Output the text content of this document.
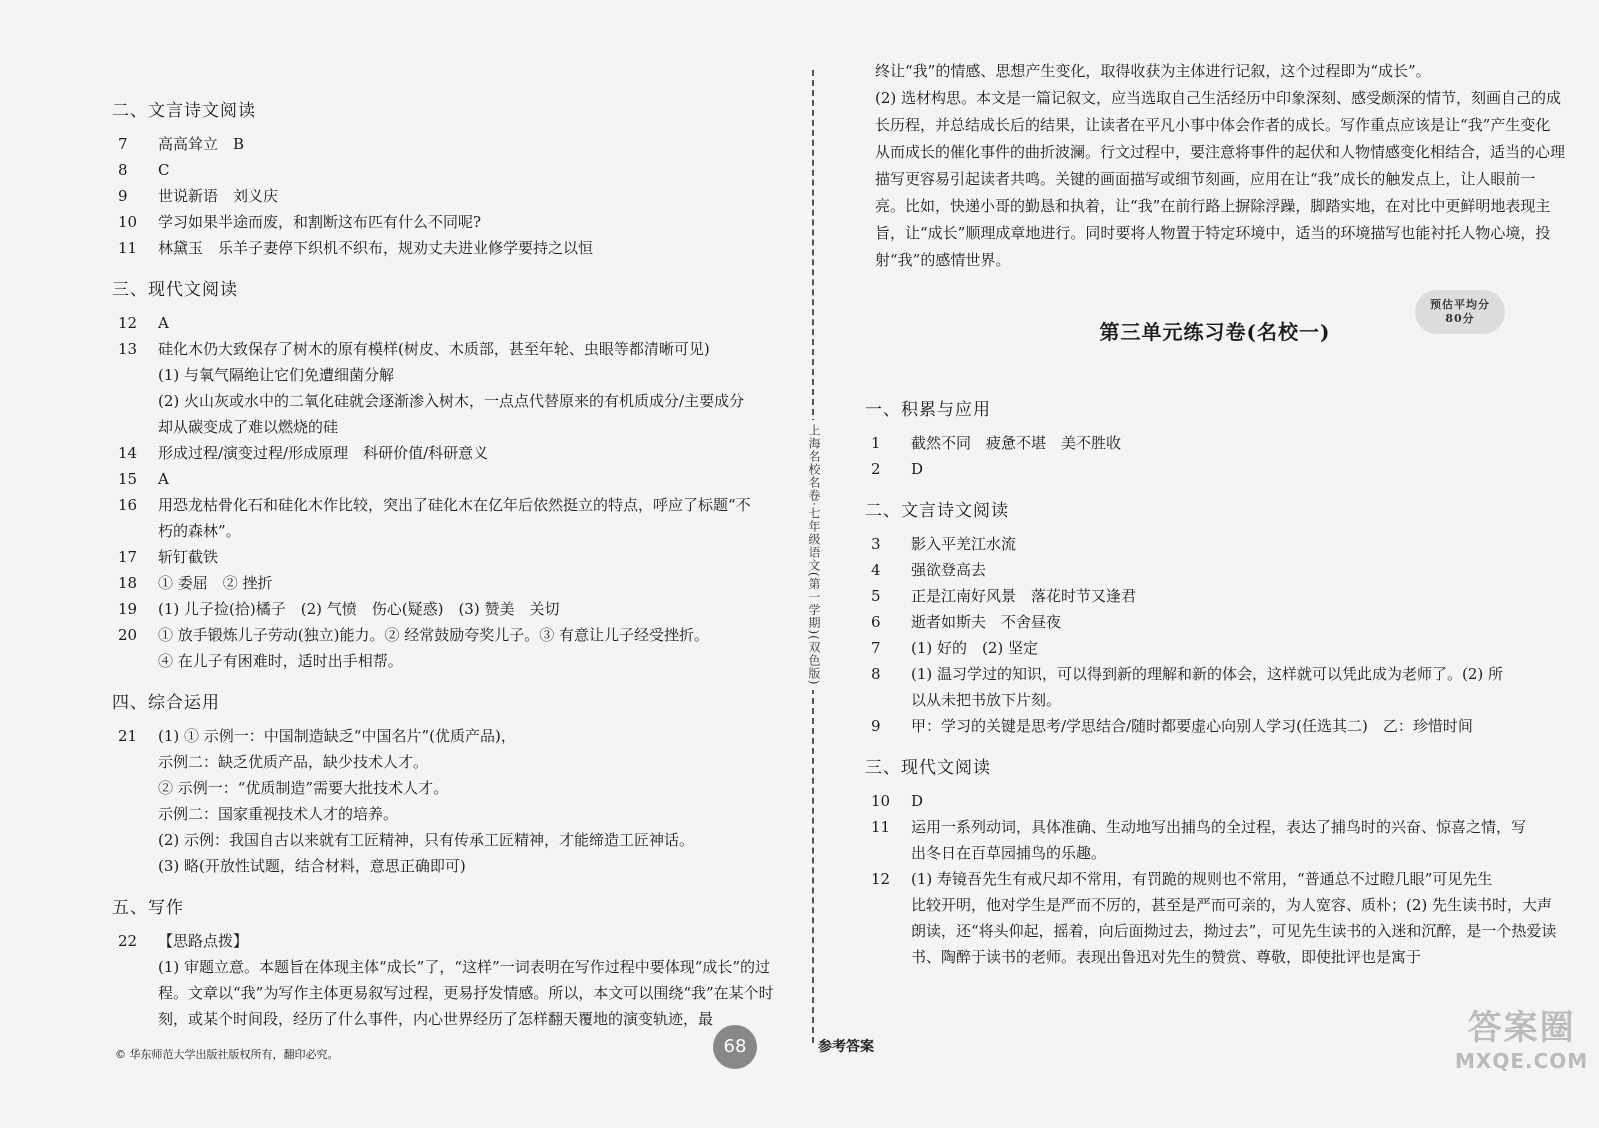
二、文言诗文阅读
7	高高耸立　B
8	C
9	世说新语　刘义庆
10	学习如果半途而废，和割断这布匹有什么不同呢?
11	林黛玉　乐羊子妻停下织机不织布，规劝丈夫进业修学要持之以恒
三、现代文阅读
12	A
13	硅化木仍大致保存了树木的原有模样(树皮、木质部，甚至年轮、虫眼等都清晰可见)
(1) 与氧气隔绝让它们免遭细菌分解
(2) 火山灰或水中的二氧化硅就会逐渐渗入树木，一点点代替原来的有机质成分/主要成分
却从碳变成了难以燃烧的硅
14	形成过程/演变过程/形成原理　科研价值/科研意义
15	A
16	用恐龙枯骨化石和硅化木作比较，突出了硅化木在亿年后依然挺立的特点，呼应了标题“不
朽的森林”。
17	斩钉截铁
18	① 委屈　② 挫折
19	(1) 儿子捡(拾)橘子　(2) 气愤　伤心(疑惑)　(3) 赞美　关切
20	① 放手锻炼儿子劳动(独立)能力。② 经常鼓励夸奖儿子。③ 有意让儿子经受挫折。
④ 在儿子有困难时，适时出手相帮。
四、综合运用
21	(1) ① 示例一：中国制造缺乏“中国名片”(优质产品)，
示例二：缺乏优质产品，缺少技术人才。
② 示例一：“优质制造”需要大批技术人才。
示例二：国家重视技术人才的培养。
(2) 示例：我国自古以来就有工匠精神，只有传承工匠精神，才能缔造工匠神话。
(3) 略(开放性试题，结合材料，意思正确即可)
五、写作
22	【思路点拨】
(1) 审题立意。本题旨在体现主体“成长”了，“这样”一词表明在写作过程中要体现“成长”的过程。文章以“我”为写作主体更易叙写过程，更易抒发情感。所以，本文可以围绕“我”在某个时刻，或某个时间段，经历了什么事件，内心世界经历了怎样翻天覆地的演变轨迹，最
上海名校名卷·七年级语文(第一学期)(双色版)
终让“我”的情感、思想产生变化，取得收获为主体进行记叙，这个过程即为“成长”。
(2) 选材构思。本文是一篇记叙文，应当选取自己生活经历中印象深刻、感受颇深的情节，刻画自己的成长历程，并总结成长后的结果，让读者在平凡小事中体会作者的成长。写作重点应该是让“我”产生变化从而成长的催化事件的曲折波澜。行文过程中，要注意将事件的起伏和人物情感变化相结合，适当的心理描写更容易引起读者共鸣。关键的画面描写或细节刻画，应用在让“我”成长的触发点上，让人眼前一亮。比如，快递小哥的勤恳和执着，让“我”在前行路上摒除浮躁，脚踏实地，在对比中更鲜明地表现主旨，让“成长”顺理成章地进行。同时要将人物置于特定环境中，适当的环境描写也能衬托人物心境，投射“我”的感情世界。
第三单元练习卷(名校一)
预估平均分
80分
一、积累与应用
1	截然不同　疲惫不堪　美不胜收
2	D
二、文言诗文阅读
3	影入平羌江水流
4	强欲登高去
5	正是江南好风景　落花时节又逢君
6	逝者如斯夫　不舍昼夜
7	(1) 好的　(2) 坚定
8	(1) 温习学过的知识，可以得到新的理解和新的体会，这样就可以凭此成为老师了。(2) 所
以从未把书放下片刻。
9	甲：学习的关键是思考/学思结合/随时都要虚心向别人学习(任选其二)　乙：珍惜时间
三、现代文阅读
10	D
11	运用一系列动词，具体准确、生动地写出捕鸟的全过程，表达了捕鸟时的兴奋、惊喜之情，写
出冬日在百草园捕鸟的乐趣。
12	(1) 寿镜吾先生有戒尺却不常用，有罚跪的规则也不常用，“普通总不过瞪几眼”可见先生
比较开明，他对学生是严而不厉的，甚至是严而可亲的，为人宽容、质朴；(2) 先生读书时，大声朗读，还“将头仰起，摇着，向后面拗过去，拗过去”，可见先生读书的入迷和沉醉，是一个热爱读书、陶醉于读书的老师。表现出鲁迅对先生的赞赏、尊敬，即使批评也是寓于
© 华东师范大学出版社版权所有，翻印必究。	68	参考答案	答案圈
MXQE.COM
